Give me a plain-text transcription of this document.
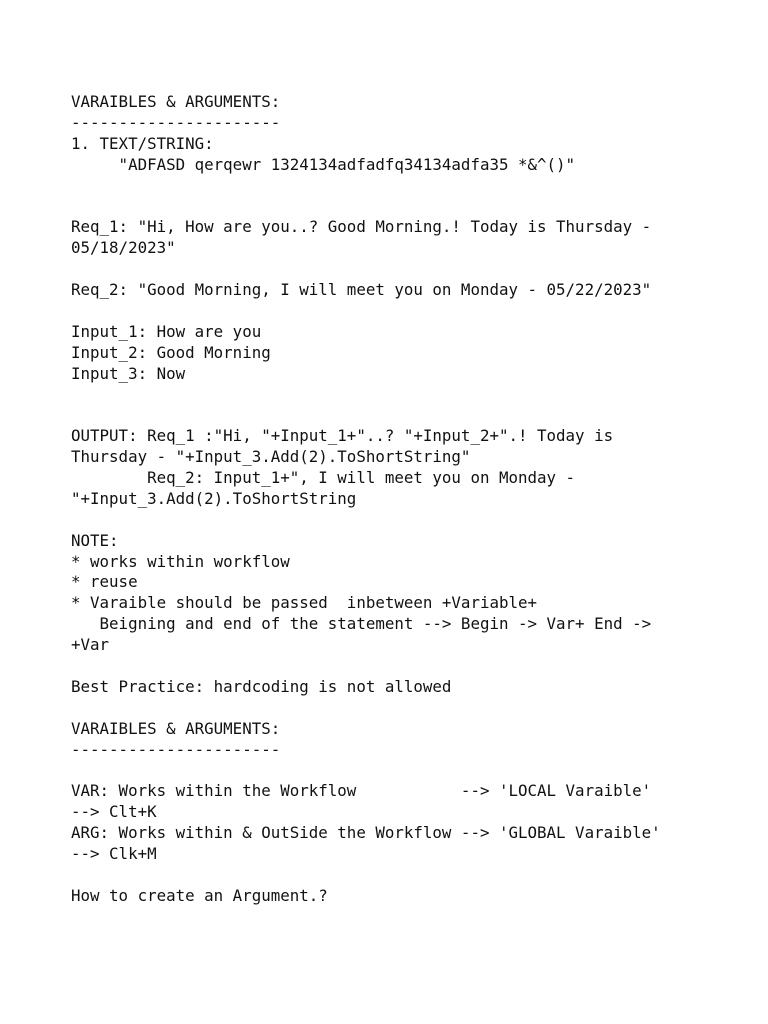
VARAIBLES & ARGUMENTS:
----------------------
1. TEXT/STRING:
"ADFASD qerqewr 1324134adfadfq34134adfa35 *&^()"
Req_1: "Hi, How are you..? Good Morning.! Today is Thursday -
05/18/2023"
Req_2: "Good Morning, I will meet you on Monday - 05/22/2023"
Input_1: How are you
Input_2: Good Morning
Input_3: Now
OUTPUT: Req_1 :"Hi, "+Input_1+"..? "+Input_2+".! Today is
Thursday - "+Input_3.Add(2).ToShortString"
Req_2: Input_1+", I will meet you on Monday -
"+Input_3.Add(2).ToShortString
NOTE:
* works within workflow
* reuse
* Varaible should be passed  inbetween +Variable+
Beigning and end of the statement --> Begin -> Var+ End ->
+Var
Best Practice: hardcoding is not allowed
VARAIBLES & ARGUMENTS:
----------------------
VAR: Works within the Workflow           --> 'LOCAL Varaible'
--> Clt+K
ARG: Works within & OutSide the Workflow --> 'GLOBAL Varaible'
--> Clk+M
How to create an Argument.?
